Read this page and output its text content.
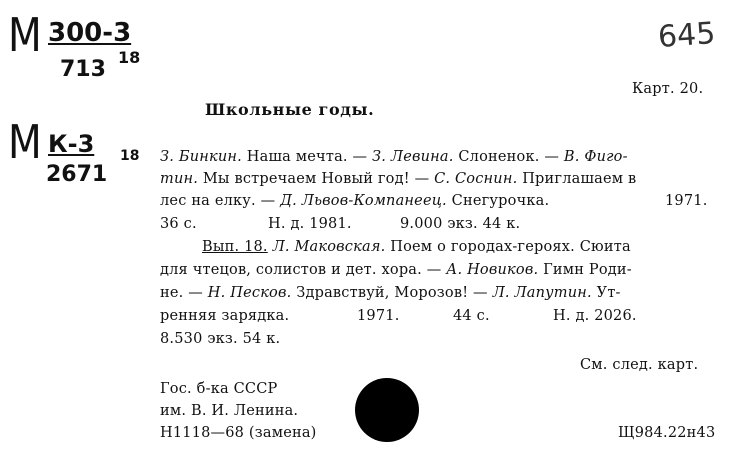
М 300-3
713 18
М К-3
2671
18
645
Карт. 20.
Школьные годы.
З. Бинкин. Наша мечта. — З. Левина. Слоненок. — В. Фиго-
тин. Мы встречаем Новый год! — С. Соснин. Приглашаем в
лес на елку. — Д. Львов-Компанеец. Снегурочка.	1971.
36 с.	Н. д. 1981.	9.000 экз. 44 к.
Вып. 18. Л. Маковская. Поем о городах-героях. Сюита
для чтецов, солистов и дет. хора. — А. Новиков. Гимн Роди-
не. — Н. Песков. Здравствуй, Морозов! — Л. Лапутин. Ут-
ренняя зарядка.	1971.	44 с.	Н. д. 2026.
8.530 экз. 54 к.
См. след. карт.
Гос. б-ка СССР
им. В. И. Ленина.
Н1118—68 (замена)	Щ984.22н43
